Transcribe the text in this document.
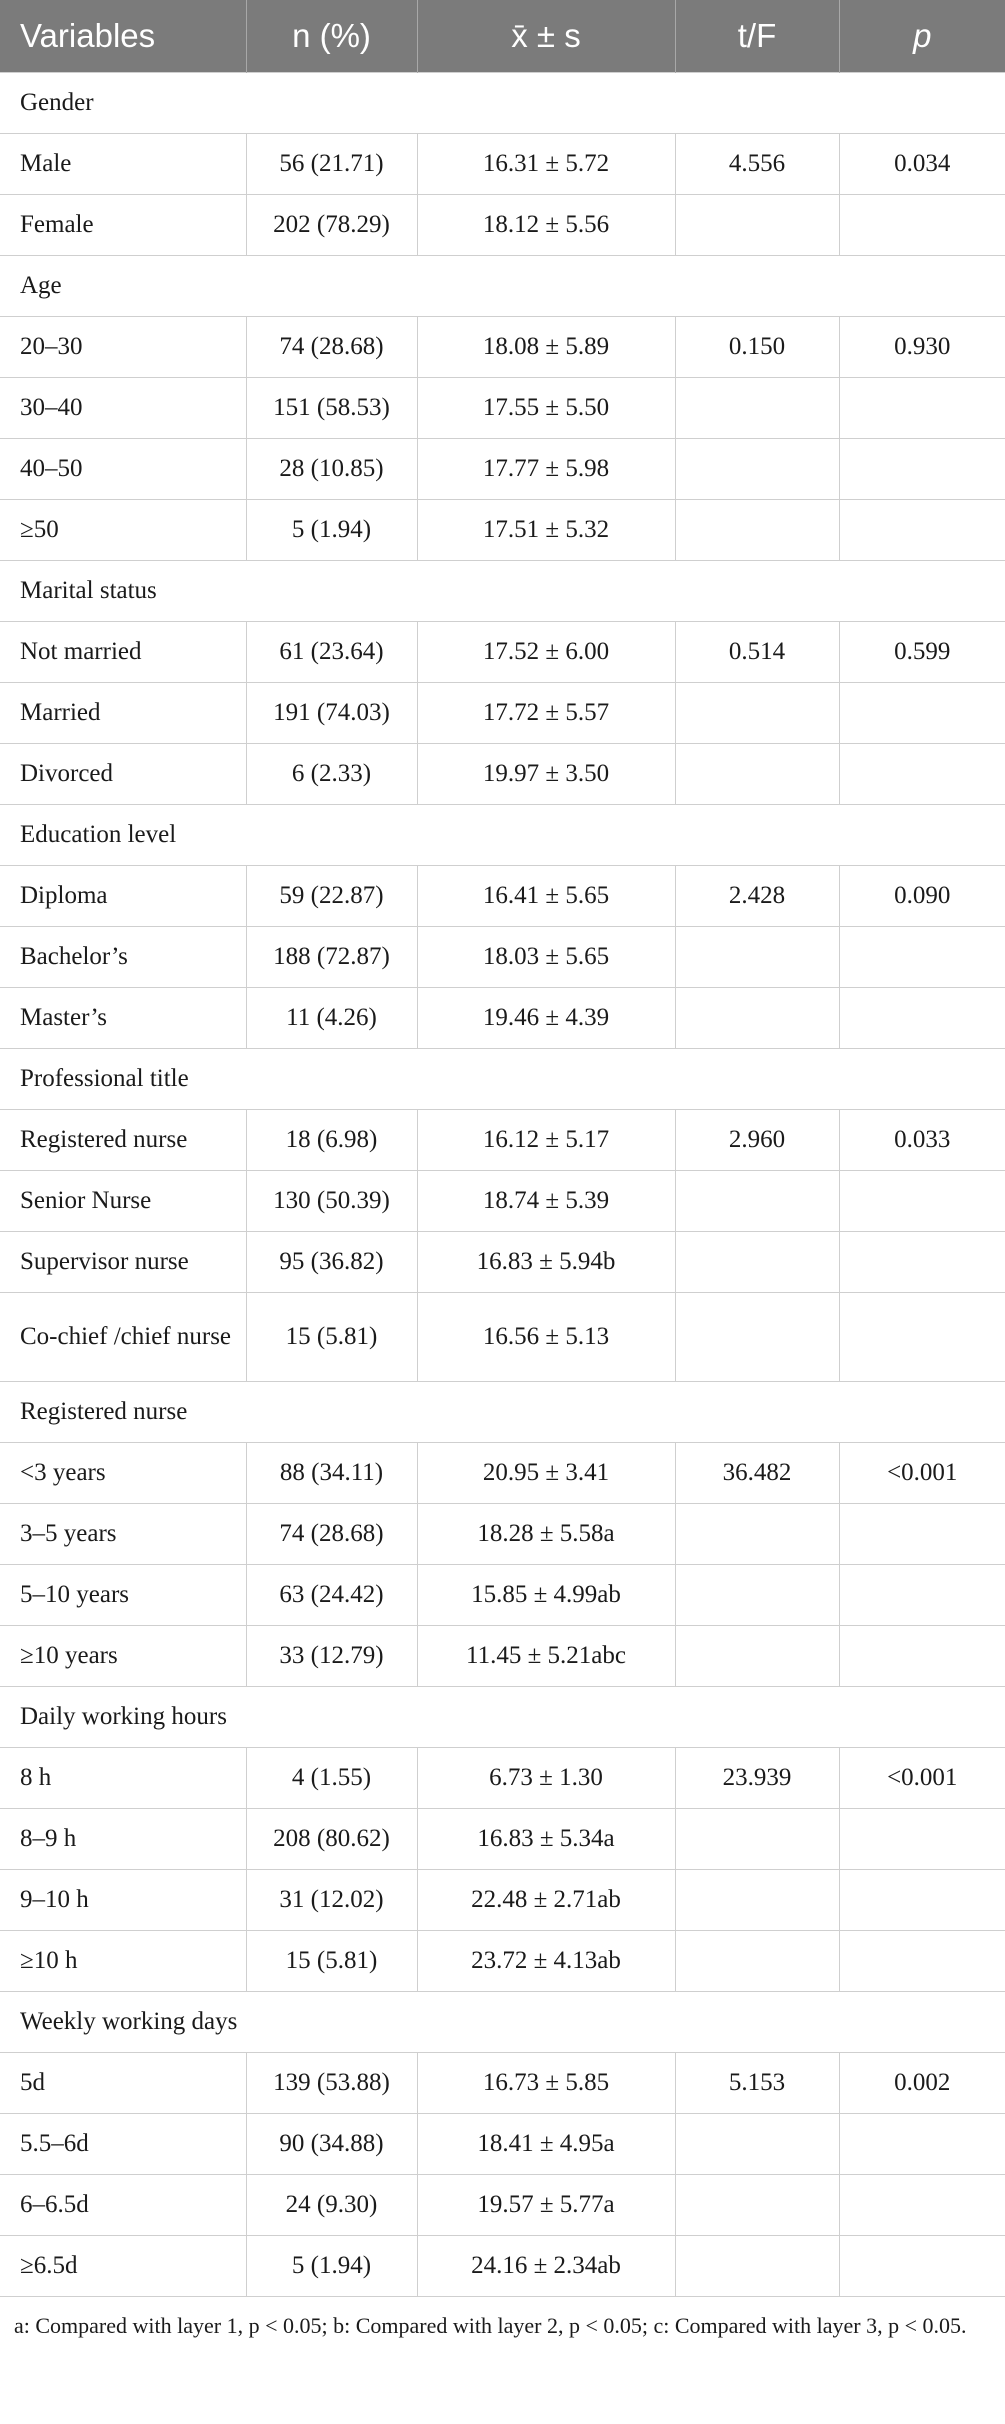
Variables	n (%)	x̄ ± s	t/F	p
Gender				
Male	56 (21.71)	16.31 ± 5.72	4.556	0.034
Female	202 (78.29)	18.12 ± 5.56		
Age				
20–30	74 (28.68)	18.08 ± 5.89	0.150	0.930
30–40	151 (58.53)	17.55 ± 5.50		
40–50	28 (10.85)	17.77 ± 5.98		
≥50	5 (1.94)	17.51 ± 5.32		
Marital status				
Not married	61 (23.64)	17.52 ± 6.00	0.514	0.599
Married	191 (74.03)	17.72 ± 5.57		
Divorced	6 (2.33)	19.97 ± 3.50		
Education level				
Diploma	59 (22.87)	16.41 ± 5.65	2.428	0.090
Bachelor’s	188 (72.87)	18.03 ± 5.65		
Master’s	11 (4.26)	19.46 ± 4.39		
Professional title				
Registered nurse	18 (6.98)	16.12 ± 5.17	2.960	0.033
Senior Nurse	130 (50.39)	18.74 ± 5.39		
Supervisor nurse	95 (36.82)	16.83 ± 5.94b		
Co-chief /chief nurse	15 (5.81)	16.56 ± 5.13		
Registered nurse				
<3 years	88 (34.11)	20.95 ± 3.41	36.482	<0.001
3–5 years	74 (28.68)	18.28 ± 5.58a		
5–10 years	63 (24.42)	15.85 ± 4.99ab		
≥10 years	33 (12.79)	11.45 ± 5.21abc		
Daily working hours				
8 h	4 (1.55)	6.73 ± 1.30	23.939	<0.001
8–9 h	208 (80.62)	16.83 ± 5.34a		
9–10 h	31 (12.02)	22.48 ± 2.71ab		
≥10 h	15 (5.81)	23.72 ± 4.13ab		
Weekly working days				
5d	139 (53.88)	16.73 ± 5.85	5.153	0.002
5.5–6d	90 (34.88)	18.41 ± 4.95a		
6–6.5d	24 (9.30)	19.57 ± 5.77a		
≥6.5d	5 (1.94)	24.16 ± 2.34ab		
a: Compared with layer 1, p < 0.05; b: Compared with layer 2, p < 0.05; c: Compared with layer 3, p < 0.05.
